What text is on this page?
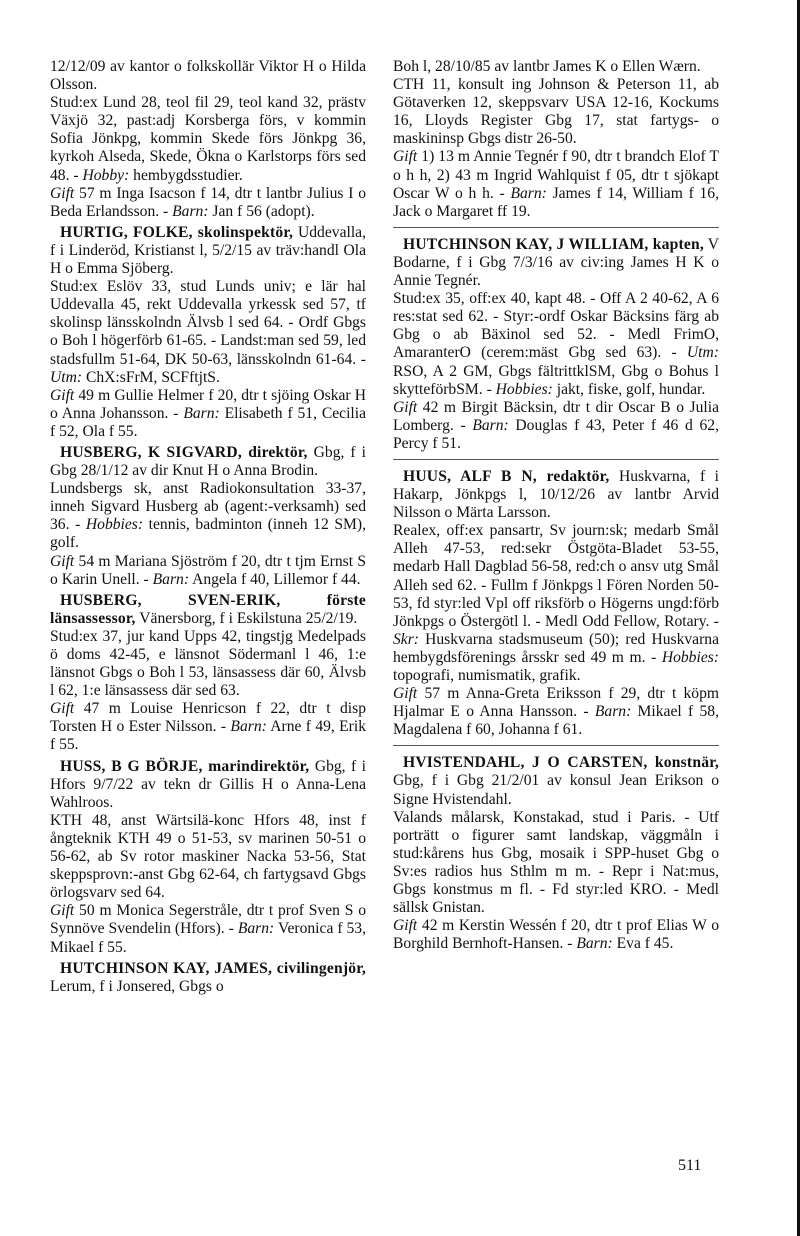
12/12/09 av kantor o folkskollär Viktor H o Hilda Olsson.
Stud:ex Lund 28, teol fil 29, teol kand 32, prästv Växjö 32, past:adj Korsberga förs, v kommin Sofia Jönkpg, kommin Skede förs Jönkpg 36, kyrkoh Alseda, Skede, Ökna o Karlstorps förs sed 48. - Hobby: hembygdsstudier.
Gift 57 m Inga Isacson f 14, dtr t lantbr Julius I o Beda Erlandsson. - Barn: Jan f 56 (adopt).
HURTIG, FOLKE, skolinspektör, Uddevalla, f i Linderöd, Kristianst l, 5/2/15 av träv:handl Ola H o Emma Sjöberg.
Stud:ex Eslöv 33, stud Lunds univ; e lär hal Uddevalla 45, rekt Uddevalla yrkessk sed 57, tf skolinsp länsskolndn Älvsb l sed 64. - Ordf Gbgs o Boh l högerförb 61-65. - Landst:man sed 59, led stadsfullm 51-64, DK 50-63, länsskolndn 61-64. - Utm: ChX:sFrM, SCFftjtS.
Gift 49 m Gullie Helmer f 20, dtr t sjöing Oskar H o Anna Johansson. - Barn: Elisabeth f 51, Cecilia f 52, Ola f 55.
HUSBERG, K SIGVARD, direktör, Gbg, f i Gbg 28/1/12 av dir Knut H o Anna Brodin.
Lundsbergs sk, anst Radiokonsultation 33-37, inneh Sigvard Husberg ab (agent:-verksamh) sed 36. - Hobbies: tennis, badminton (inneh 12 SM), golf.
Gift 54 m Mariana Sjöström f 20, dtr t tjm Ernst S o Karin Unell. - Barn: Angela f 40, Lillemor f 44.
HUSBERG, SVEN-ERIK, förste länsassessor, Vänersborg, f i Eskilstuna 25/2/19.
Stud:ex 37, jur kand Upps 42, tingstjg Medelpads ö doms 42-45, e länsnot Södermanl l 46, 1:e länsnot Gbgs o Boh l 53, länsassess där 60, Älvsb l 62, 1:e länsassess där sed 63.
Gift 47 m Louise Henricson f 22, dtr t disp Torsten H o Ester Nilsson. - Barn: Arne f 49, Erik f 55.
HUSS, B G BÖRJE, marindirektör, Gbg, f i Hfors 9/7/22 av tekn dr Gillis H o Anna-Lena Wahlroos.
KTH 48, anst Wärtsilä-konc Hfors 48, inst f ångteknik KTH 49 o 51-53, sv marinen 50-51 o 56-62, ab Sv rotor maskiner Nacka 53-56, Stat skeppsprovn:-anst Gbg 62-64, ch fartygsavd Gbgs örlogsvarv sed 64.
Gift 50 m Monica Segerstråle, dtr t prof Sven S o Synnöve Svendelin (Hfors). - Barn: Veronica f 53, Mikael f 55.
HUTCHINSON KAY, JAMES, civilingenjör, Lerum, f i Jonsered, Gbgs o
Boh l, 28/10/85 av lantbr James K o Ellen Wærn.
CTH 11, konsult ing Johnson & Peterson 11, ab Götaverken 12, skeppsvarv USA 12-16, Kockums 16, Lloyds Register Gbg 17, stat fartygs- o maskininsp Gbgs distr 26-50.
Gift 1) 13 m Annie Tegnér f 90, dtr t brandch Elof T o h h, 2) 43 m Ingrid Wahlquist f 05, dtr t sjökapt Oscar W o h h. - Barn: James f 14, William f 16, Jack o Margaret ff 19.
HUTCHINSON KAY, J WILLIAM, kapten, V Bodarne, f i Gbg 7/3/16 av civ:ing James H K o Annie Tegnér.
Stud:ex 35, off:ex 40, kapt 48. - Off A 2 40-62, A 6 res:stat sed 62. - Styr:-ordf Oskar Bäcksins färg ab Gbg o ab Bäxinol sed 52. - Medl FrimO, AmaranterO (cerem:mäst Gbg sed 63). - Utm: RSO, A 2 GM, Gbgs fältrittklSM, Gbg o Bohus l skytteförbSM. - Hobbies: jakt, fiske, golf, hundar.
Gift 42 m Birgit Bäcksin, dtr t dir Oscar B o Julia Lomberg. - Barn: Douglas f 43, Peter f 46 d 62, Percy f 51.
HUUS, ALF B N, redaktör, Huskvarna, f i Hakarp, Jönkpgs l, 10/12/26 av lantbr Arvid Nilsson o Märta Larsson.
Realex, off:ex pansartr, Sv journ:sk; medarb Smål Alleh 47-53, red:sekr Östgöta-Bladet 53-55, medarb Hall Dagblad 56-58, red:ch o ansv utg Smål Alleh sed 62. - Fullm f Jönkpgs l Fören Norden 50-53, fd styr:led Vpl off riksförb o Högerns ungd:förb Jönkpgs o Östergötl l. - Medl Odd Fellow, Rotary. - Skr: Huskvarna stadsmuseum (50); red Huskvarna hembygdsförenings årsskr sed 49 m m. - Hobbies: topografi, numismatik, grafik.
Gift 57 m Anna-Greta Eriksson f 29, dtr t köpm Hjalmar E o Anna Hansson. - Barn: Mikael f 58, Magdalena f 60, Johanna f 61.
HVISTENDAHL, J O CARSTEN, konstnär, Gbg, f i Gbg 21/2/01 av konsul Jean Erikson o Signe Hvistendahl.
Valands målarsk, Konstakad, stud i Paris. - Utf porträtt o figurer samt landskap, väggmåln i stud:kårens hus Gbg, mosaik i SPP-huset Gbg o Sv:es radios hus Sthlm m m. - Repr i Nat:mus, Gbgs konstmus m fl. - Fd styr:led KRO. - Medl sällsk Gnistan.
Gift 42 m Kerstin Wessén f 20, dtr t prof Elias W o Borghild Bernhoft-Hansen. - Barn: Eva f 45.
511
